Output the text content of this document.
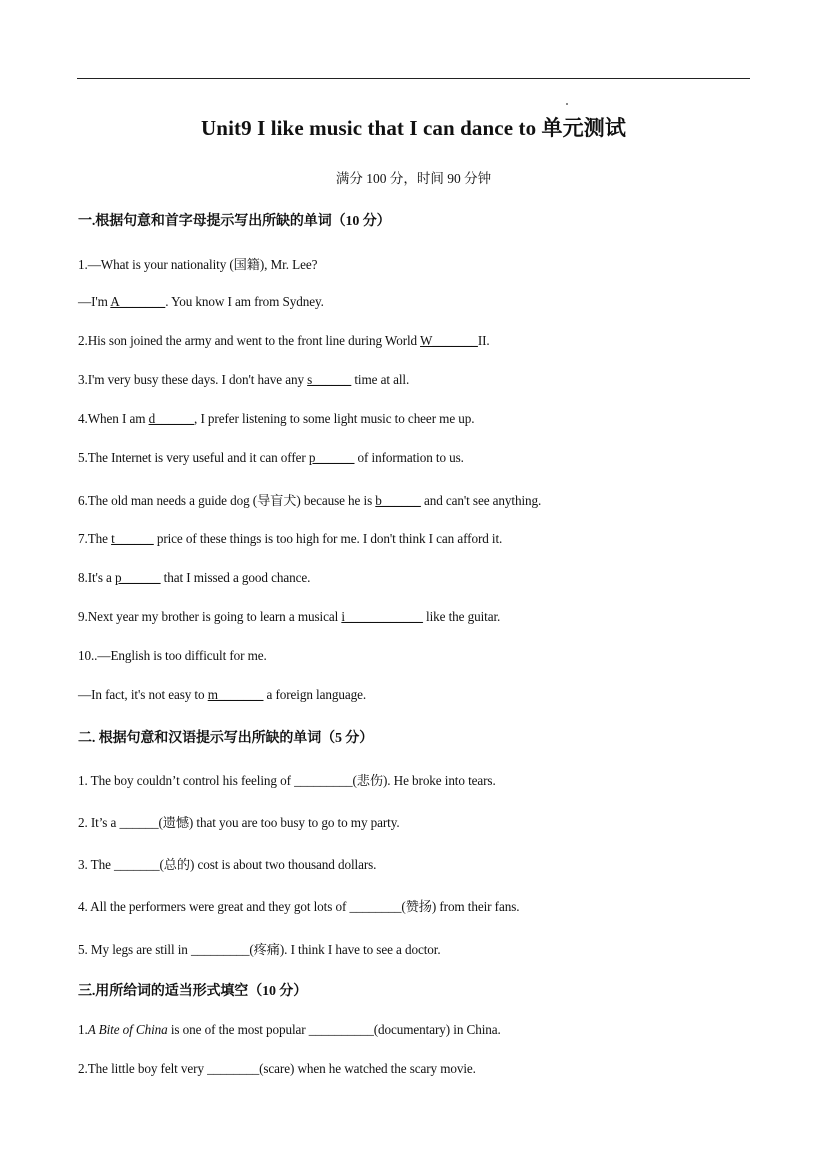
Unit9 I like music that I can dance to 单元测试
满分 100 分，时间 90 分钟
一.根据句意和首字母提示写出所缺的单词（10 分）
1.—What is your nationality (国籍), Mr. Lee?
—I'm A_______. You know I am from Sydney.
2.His son joined the army and went to the front line during World W_______II.
3.I'm very busy these days. I don't have any s______ time at all.
4.When I am d______, I prefer listening to some light music to cheer me up.
5.The Internet is very useful and it can offer p______ of information to us.
6.The old man needs a guide dog (导盲犬) because he is b______ and can't see anything.
7.The t______ price of these things is too high for me. I don't think I can afford it.
8.It's a p______ that I missed a good chance.
9.Next year my brother is going to learn a musical i____________ like the guitar.
10..—English is too difficult for me.
—In fact, it's not easy to m_______ a foreign language.
二. 根据句意和汉语提示写出所缺的单词（5 分）
1. The boy couldn’t control his feeling of _________(悲伤). He broke into tears.
2. It’s a ______(遗憾) that you are too busy to go to my party.
3. The _______(总的) cost is about two thousand dollars.
4. All the performers were great and they got lots of ________(赞扬) from their fans.
5. My legs are still in _________(疼痛). I think I have to see a doctor.
三.用所给词的适当形式填空（10 分）
1.A Bite of China is one of the most popular __________(documentary) in China.
2.The little boy felt very ________(scare) when he watched the scary movie.
